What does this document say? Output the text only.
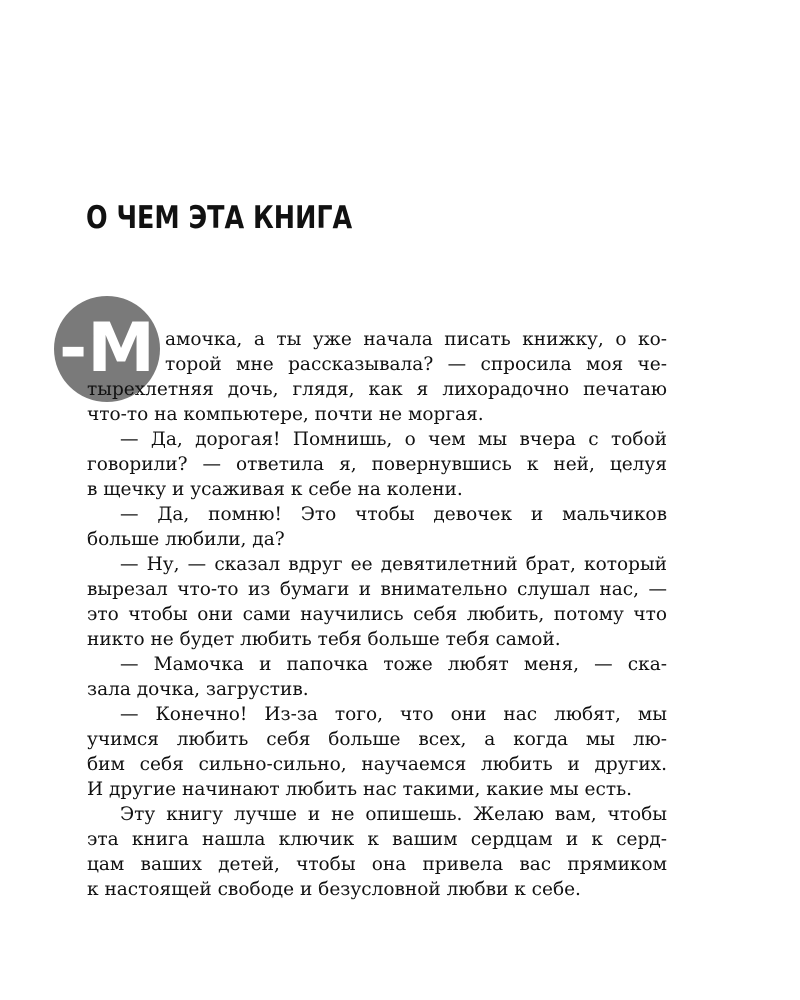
О ЧЕМ ЭТА КНИГА
-М амочка, а ты уже начала писать книжку, о ко-
торой мне рассказывала? — спросила моя че-
тырехлетняя дочь, глядя, как я лихорадочно печатаю
что-то на компьютере, почти не моргая.
— Да, дорогая! Помнишь, о чем мы вчера с тобой
говорили? — ответила я, повернувшись к ней, целуя
в щечку и усаживая к себе на колени.
— Да, помню! Это чтобы девочек и мальчиков
больше любили, да?
— Ну, — сказал вдруг ее девятилетний брат, который
вырезал что-то из бумаги и внимательно слушал нас, —
это чтобы они сами научились себя любить, потому что
никто не будет любить тебя больше тебя самой.
— Мамочка и папочка тоже любят меня, — ска-
зала дочка, загрустив.
— Конечно! Из-за того, что они нас любят, мы
учимся любить себя больше всех, а когда мы лю-
бим себя сильно-сильно, научаемся любить и других.
И другие начинают любить нас такими, какие мы есть.
Эту книгу лучше и не опишешь. Желаю вам, чтобы
эта книга нашла ключик к вашим сердцам и к серд-
цам ваших детей, чтобы она привела вас прямиком
к настоящей свободе и безусловной любви к себе.
